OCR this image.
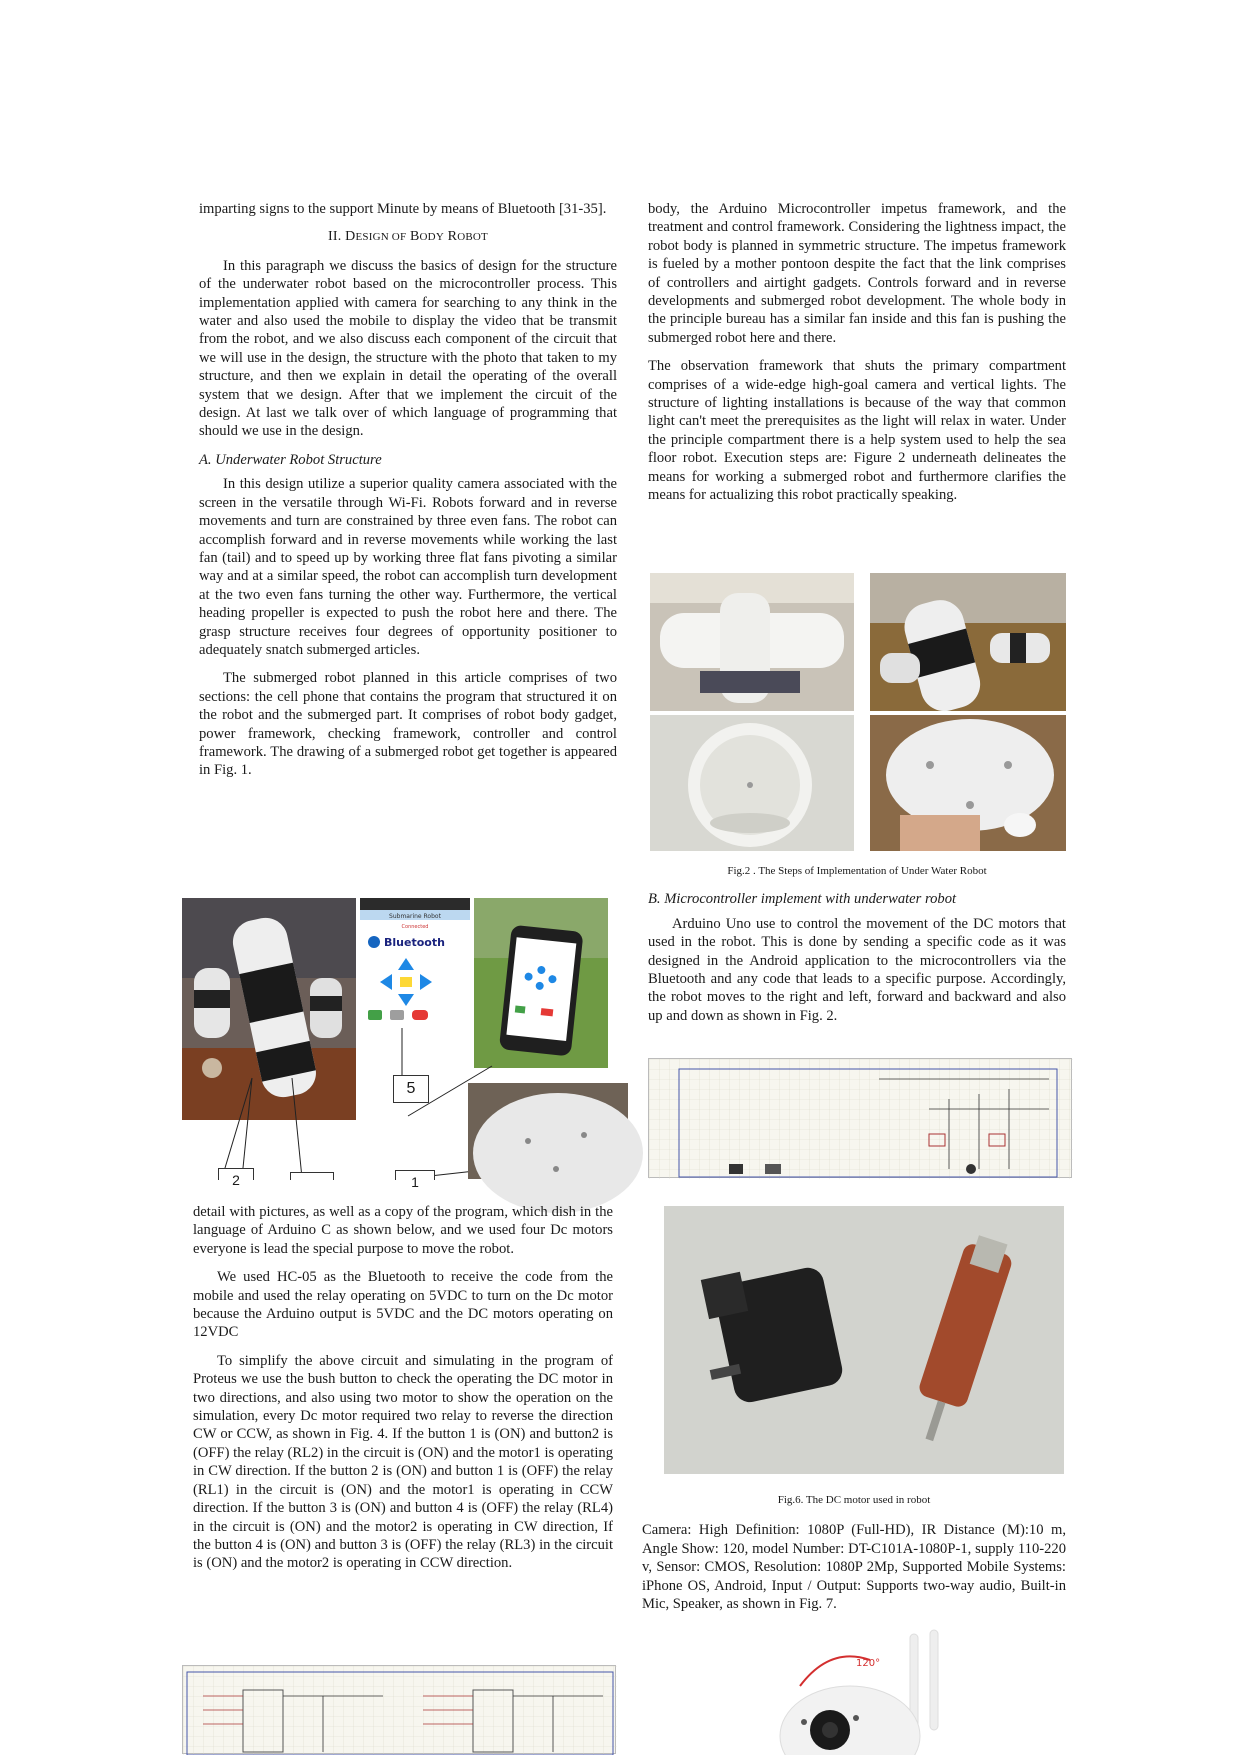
imparting signs to the support Minute by means of Bluetooth [31-35].

II. DESIGN OF BODY ROBOT

In this paragraph we discuss the basics of design for the structure of the underwater robot based on the microcontroller process. This implementation applied with camera for searching to any think in the water and also used the mobile to display the video that be transmit from the robot, and we also discuss each component of the circuit that we will use in the design, the structure with the photo that taken to my structure, and then we explain in detail the operating of the overall system that we design. After that we implement the circuit of the design. At last we talk over of which language of programming that should we use in the design.

A. Underwater Robot Structure

In this design utilize a superior quality camera associated with the screen in the versatile through Wi-Fi. Robots forward and in reverse movements and turn are constrained by three even fans. The robot can accomplish forward and in reverse movements while working the last fan (tail) and to speed up by working three flat fans pivoting a similar way and at a similar speed, the robot can accomplish turn development at the two even fans turning the other way. Furthermore, the vertical heading propeller is expected to push the robot here and there. The grasp structure receives four degrees of opportunity positioner to adequately snatch submerged articles.

The submerged robot planned in this article comprises of two sections: the cell phone that contains the program that structured it on the robot and the submerged part. It comprises of robot body gadget, power framework, checking framework, controller and control framework. The drawing of a submerged robot get together is appeared in Fig. 1.

Submarine Robot
Connected
Bluetooth
5
2	1

body, the Arduino Microcontroller impetus framework, and the treatment and control framework. Considering the lightness impact, the robot body is planned in symmetric structure. The impetus framework is fueled by a mother pontoon despite the fact that the link comprises of controllers and airtight gadgets. Controls forward and in reverse developments and submerged robot development. The whole body in the principle bureau has a similar fan inside and this fan is pushing the submerged robot here and there.

The observation framework that shuts the primary compartment comprises of a wide-edge high-goal camera and vertical lights. The structure of lighting installations is because of the way that common light can't meet the prerequisites as the light will relax in water. Under the principle compartment there is a help system used to help the sea floor robot. Execution steps are: Figure 2 underneath delineates the means for working a submerged robot and furthermore clarifies the means for actualizing this robot practically speaking.

Fig.2 . The Steps of Implementation of Under Water Robot
B. Microcontroller implement with underwater robot

Arduino Uno use to control the movement of the DC motors that used in the robot. This is done by sending a specific code as it was designed in the Android application to the microcontrollers via the Bluetooth and any code that leads to a specific purpose. Accordingly, the robot moves to the right and left, forward and backward and also up and down as shown in Fig. 2.

detail with pictures, as well as a copy of the program, which dish in the language of Arduino C as shown below, and we used four Dc motors everyone is lead the special purpose to move the robot.

We used HC-05 as the Bluetooth to receive the code from the mobile and used the relay operating on 5VDC to turn on the Dc motor because the Arduino output is 5VDC and the DC motors operating on 12VDC

To simplify the above circuit and simulating in the program of Proteus we use the bush button to check the operating the DC motor in two directions, and also using two motor to show the operation on the simulation, every Dc motor required two relay to reverse the direction CW or CCW, as shown in Fig. 4. If the button 1 is (ON) and button2 is (OFF) the relay (RL2) in the circuit is (ON) and the motor1 is operating in CW direction. If the button 2 is (ON) and button 1 is (OFF) the relay (RL1) in the circuit is (ON) and the motor1 is operating in CCW direction. If the button 3 is (ON) and button 4 is (OFF) the relay (RL4) in the circuit is (ON) and the motor2 is operating in CW direction, If the button 4 is (ON) and button 3 is (OFF) the relay (RL3) in the circuit is (ON) and the motor2 is operating in CCW direction.

Fig.6. The DC motor used in robot

Camera: High Definition: 1080P (Full-HD), IR Distance (M):10 m, Angle Show: 120, model Number: DT-C101A-1080P-1, supply 110-220 v, Sensor: CMOS, Resolution: 1080P 2Mp, Supported Mobile Systems: iPhone OS, Android, Input / Output: Supports two-way audio, Built-in Mic, Speaker, as shown in Fig. 7.

120°
